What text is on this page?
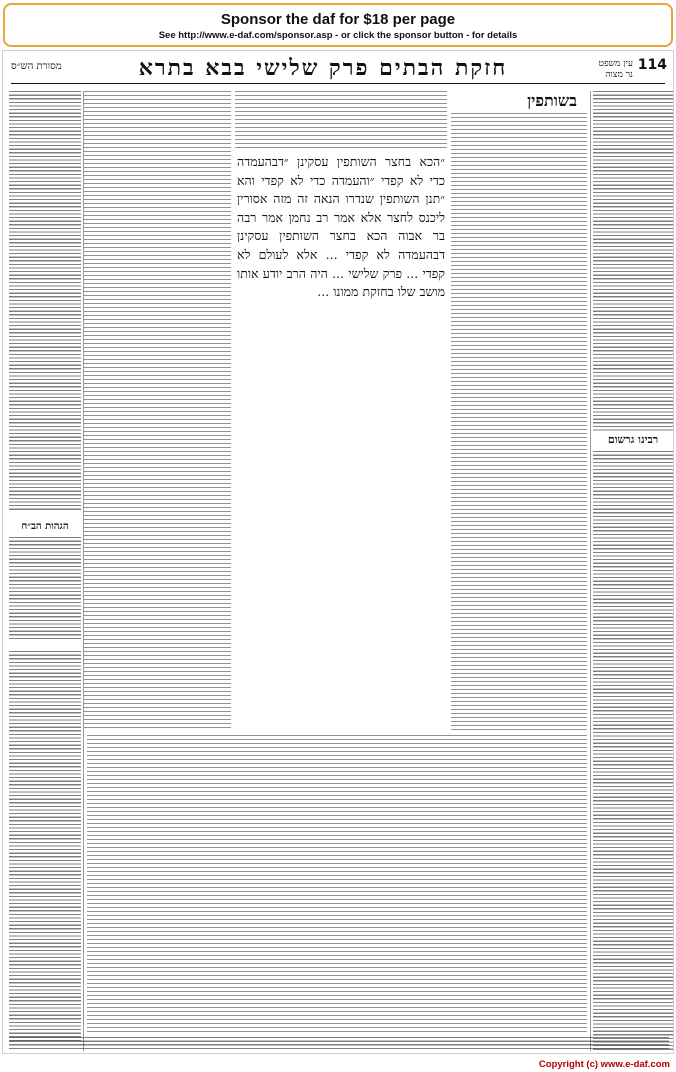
Sponsor the daf for $18 per page
See http://www.e-daf.com/sponsor.asp - or click the sponsor button - for details
מסורת הש״ס	חזקת הבתים פרק שלישי בבא בתרא	עין משפט
נר מצוה
114
רבינו גרשום
בשותפין
״הכא בחצר השותפין עסקינן ״דבהעמדה כדי לא קפדי ״והעמדה כדי לא קפדי והא ״תנן השותפין שנדרו הנאה זה מזה אסורין ליכנס לחצר אלא אמר רב נחמן אמר רבה בר אבוה הכא בחצר השותפין עסקינן דבהעמדה לא קפדי ... אלא לעולם לא קפדי ... פרק שלישי ... היה הרב יודע אותו מושב שלו בחזקת ממונו ...
הגהות הב״ח
Copyright (c) www.e-daf.com
